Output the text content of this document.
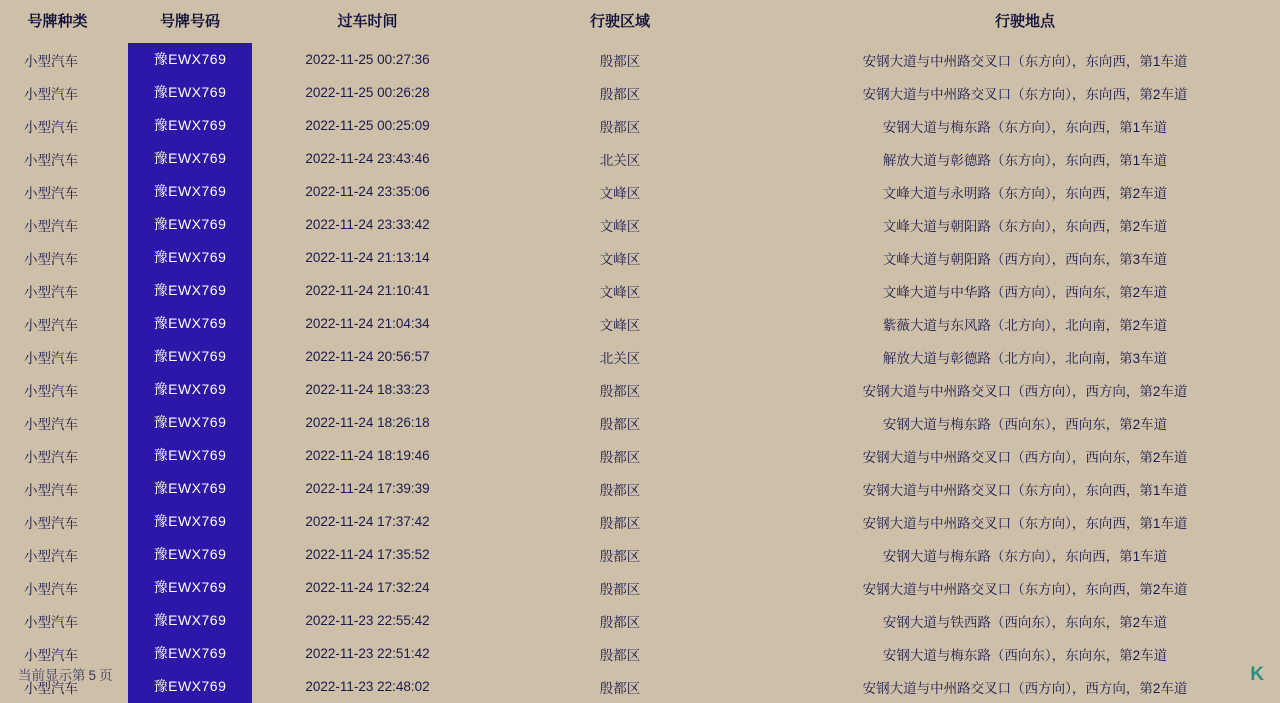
号牌种类	号牌号码	过车时间	行驶区域	行驶地点
小型汽车	豫EWX769	2022-11-25 00:27:36	殷都区	安钢大道与中州路交叉口（东方向），东向西，第1车道
小型汽车	豫EWX769	2022-11-25 00:26:28	殷都区	安钢大道与中州路交叉口（东方向），东向西，第2车道
小型汽车	豫EWX769	2022-11-25 00:25:09	殷都区	安钢大道与梅东路（东方向），东向西，第1车道
小型汽车	豫EWX769	2022-11-24 23:43:46	北关区	解放大道与彰德路（东方向），东向西，第1车道
小型汽车	豫EWX769	2022-11-24 23:35:06	文峰区	文峰大道与永明路（东方向），东向西，第2车道
小型汽车	豫EWX769	2022-11-24 23:33:42	文峰区	文峰大道与朝阳路（东方向），东向西，第2车道
小型汽车	豫EWX769	2022-11-24 21:13:14	文峰区	文峰大道与朝阳路（西方向），西向东，第3车道
小型汽车	豫EWX769	2022-11-24 21:10:41	文峰区	文峰大道与中华路（西方向），西向东，第2车道
小型汽车	豫EWX769	2022-11-24 21:04:34	文峰区	紫薇大道与东风路（北方向），北向南，第2车道
小型汽车	豫EWX769	2022-11-24 20:56:57	北关区	解放大道与彰德路（北方向），北向南，第3车道
小型汽车	豫EWX769	2022-11-24 18:33:23	殷都区	安钢大道与中州路交叉口（西方向），西方向，第2车道
小型汽车	豫EWX769	2022-11-24 18:26:18	殷都区	安钢大道与梅东路（西向东），西向东，第2车道
小型汽车	豫EWX769	2022-11-24 18:19:46	殷都区	安钢大道与中州路交叉口（西方向），西向东，第2车道
小型汽车	豫EWX769	2022-11-24 17:39:39	殷都区	安钢大道与中州路交叉口（东方向），东向西，第1车道
小型汽车	豫EWX769	2022-11-24 17:37:42	殷都区	安钢大道与中州路交叉口（东方向），东向西，第1车道
小型汽车	豫EWX769	2022-11-24 17:35:52	殷都区	安钢大道与梅东路（东方向），东向西，第1车道
小型汽车	豫EWX769	2022-11-24 17:32:24	殷都区	安钢大道与中州路交叉口（东方向），东向西，第2车道
小型汽车	豫EWX769	2022-11-23 22:55:42	殷都区	安钢大道与铁西路（西向东），东向东，第2车道
小型汽车	豫EWX769	2022-11-23 22:51:42	殷都区	安钢大道与梅东路（西向东），东向东，第2车道
小型汽车	豫EWX769	2022-11-23 22:48:02	殷都区	安钢大道与中州路交叉口（西方向），西方向，第2车道
当前显示第 5 页	K
